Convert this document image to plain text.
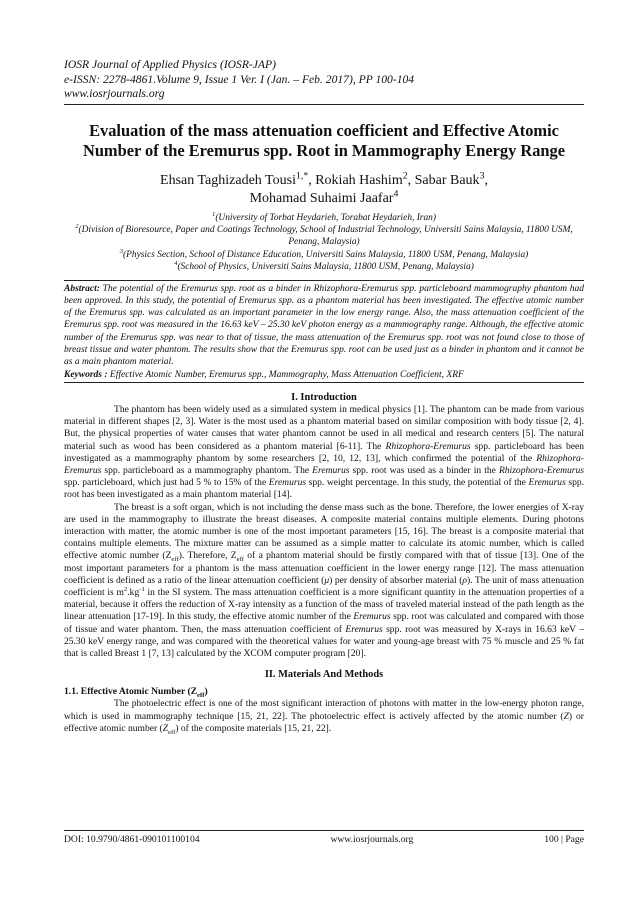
IOSR Journal of Applied Physics (IOSR-JAP)
e-ISSN: 2278-4861.Volume 9, Issue 1 Ver. I (Jan. – Feb. 2017), PP 100-104
www.iosrjournals.org
Evaluation of the mass attenuation coefficient and Effective Atomic Number of the Eremurus spp. Root in Mammography Energy Range
Ehsan Taghizadeh Tousi$^{1,*}$, Rokiah Hashim$^2$, Sabar Bauk$^3$,
Mohamad Suhaimi Jaafar$^4$
$^1$(University of Torbat Heydarieh, Torabat Heydarieh, Iran)
$^2$(Division of Bioresource, Paper and Coatings Technology, School of Industrial Technology, Universiti Sains Malaysia, 11800 USM, Penang, Malaysia)
$^3$(Physics Section, School of Distance Education, Universiti Sains Malaysia, 11800 USM, Penang, Malaysia)
$^4$(School of Physics, Universiti Sains Malaysia, 11800 USM, Penang, Malaysia)
Abstract: The potential of the Eremurus spp. root as a binder in Rhizophora-Eremurus spp. particleboard mammography phantom had been approved. In this study, the potential of Eremurus spp. as a phantom material has been investigated. The effective atomic number of the Eremurus spp. was calculated as an important parameter in the low energy range. Also, the mass attenuation coefficient of the Eremurus spp. root was measured in the 16.63 keV – 25.30 keV photon energy as a mammography range. Although, the effective atomic number of the Eremurus spp. was near to that of tissue, the mass attenuation of the Eremurus spp. root was not found close to those of breast tissue and water phantom. The results show that the Eremurus spp. root can be used just as a binder in phantom and it cannot be as a main phantom material.
Keywords : Effective Atomic Number, Eremurus spp., Mammography, Mass Attenuation Coefficient, XRF
I. Introduction

The phantom has been widely used as a simulated system in medical physics [1]. The phantom can be made from various material in different shapes [2, 3]. Water is the most used as a phantom material based on similar composition with body tissue [2, 4]. But, the physical properties of water causes that water phantom cannot be used in all medical and research centers [5]. The natural material such as wood has been considered as a phantom material [6-11]. The Rhizophora-Eremurus spp. particleboard has been investigated as a mammography phantom by some researchers [2, 10, 12, 13], which confirmed the potential of the Rhizophora-Eremurus spp. particleboard as a mammography phantom. The Eremurus spp. root was used as a binder in the Rhizophora-Eremurus spp. particleboard, which just had 5 % to 15% of the Eremurus spp. weight percentage. In this study, the potential of the Eremurus spp. root has been investigated as a main phantom material [14].

The breast is a soft organ, which is not including the dense mass such as the bone. Therefore, the lower energies of X-ray are used in the mammography to illustrate the breast diseases. A composite material contains multiple elements. During photons interaction with matter, the atomic number is one of the most important parameters [15, 16]. The breast is a composite material that contains multiple elements. The mixture matter can be assumed as a simple matter to calculate its atomic number, which is called effective atomic number $(Z_{eff})$. Therefore, $Z_{eff}$ of a phantom material should be firstly compared with that of tissue [13]. One of the most important parameters for a phantom is the mass attenuation coefficient in the lower energy range [12]. The mass attenuation coefficient is defined as a ratio of the linear attenuation coefficient (μ) per density of absorber material (ρ). The unit of mass attenuation coefficient is $m^2.kg^{-1}$ in the SI system. The mass attenuation coefficient is a more significant quantity in the attenuation properties of a material, because it offers the reduction of X-ray intensity as a function of the mass of traveled material instead of the path length as the linear attenuation [17-19]. In this study, the effective atomic number of the Eremurus spp. root was calculated and compared with those of tissue and water phantom. Then, the mass attenuation coefficient of Eremurus spp. root was measured by X-rays in 16.63 keV – 25.30 keV energy range, and was compared with the theoretical values for water and young-age breast with 75 % muscle and 25 % fat that is called Breast 1 [7, 13] calculated by the XCOM computer program [20].

II. Materials And Methods
1.1. Effective Atomic Number $(Z_{eff})$

The photoelectric effect is one of the most significant interaction of photons with matter in the low-energy photon range, which is used in mammography technique [15, 21, 22]. The photoelectric effect is actively affected by the atomic number (Z) or effective atomic number $(Z_{eff})$ of the composite materials [15, 21, 22].

DOI: 10.9790/4861-090101100104	www.iosrjournals.org	100 | Page
